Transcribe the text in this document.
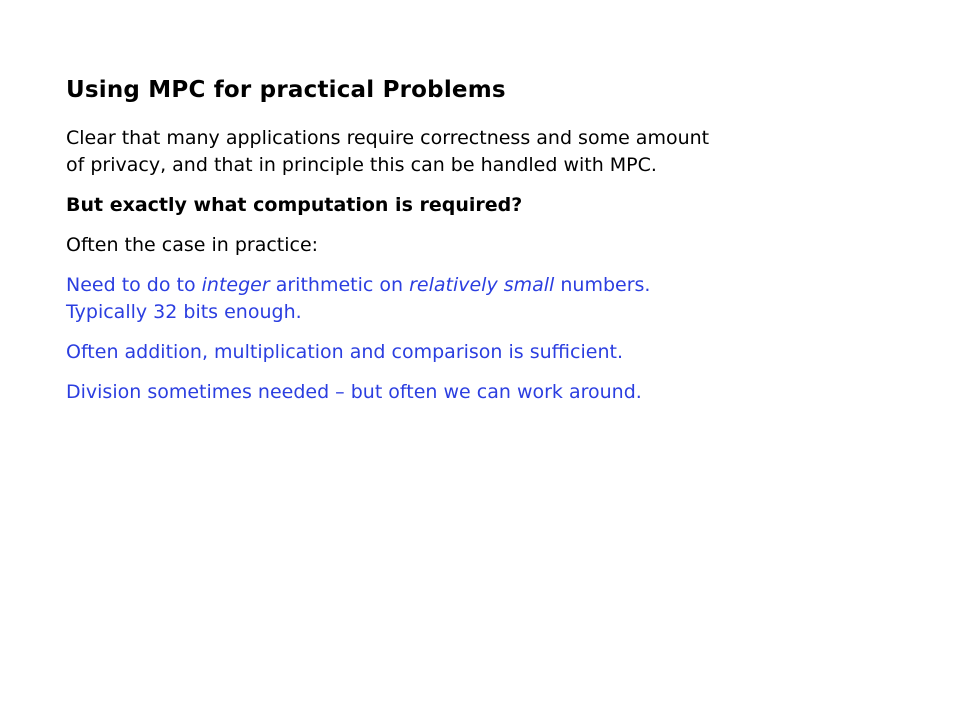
Using MPC for practical Problems
Clear that many applications require correctness and some amount
of privacy, and that in principle this can be handled with MPC.
But exactly what computation is required?
Often the case in practice:
Need to do to integer arithmetic on relatively small numbers.
Typically 32 bits enough.
Often addition, multiplication and comparison is sufficient.
Division sometimes needed – but often we can work around.
